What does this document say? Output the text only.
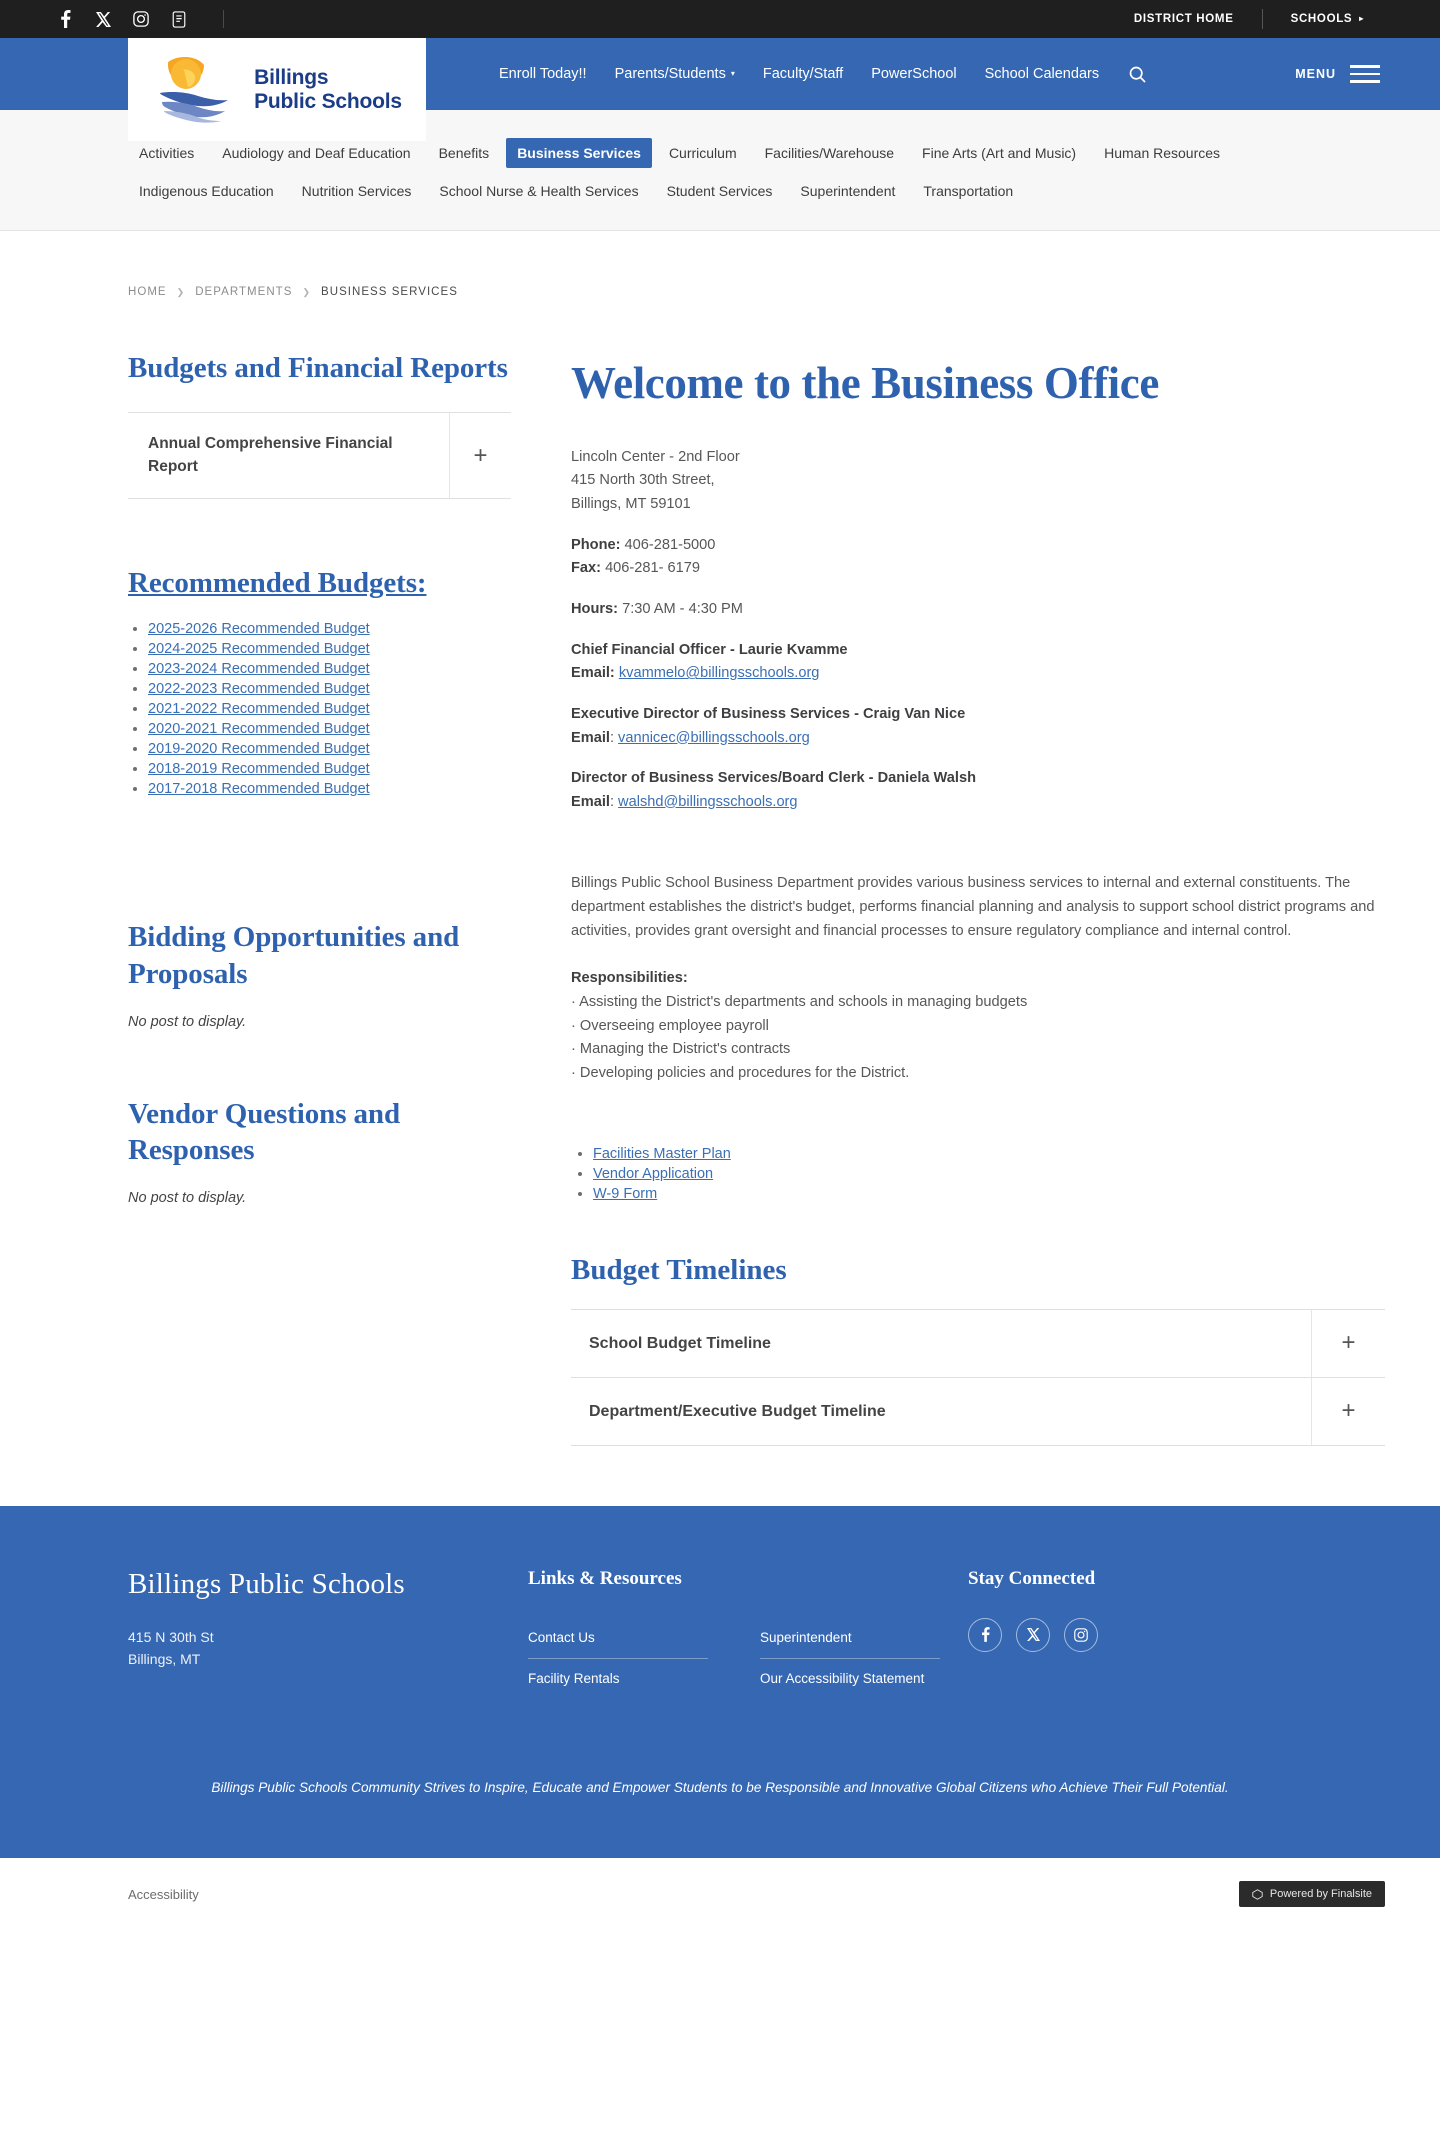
DISTRICT HOME	SCHOOLS ▸
Billings
Public Schools
Enroll Today!!	Parents/Students ▾	Faculty/Staff	PowerSchool	School Calendars	MENU
Activities	Audiology and Deaf Education	Benefits	Business Services	Curriculum	Facilities/Warehouse	Fine Arts (Art and Music)	Human Resources
Indigenous Education	Nutrition Services	School Nurse & Health Services	Student Services	Superintendent	Transportation
HOME ❯ DEPARTMENTS ❯ BUSINESS SERVICES
Budgets and Financial Reports
Annual Comprehensive Financial Report	+
Recommended Budgets:
• 2025-2026 Recommended Budget
• 2024-2025 Recommended Budget
• 2023-2024 Recommended Budget
• 2022-2023 Recommended Budget
• 2021-2022 Recommended Budget
• 2020-2021 Recommended Budget
• 2019-2020 Recommended Budget
• 2018-2019 Recommended Budget
• 2017-2018 Recommended Budget
Bidding Opportunities and Proposals

No post to display.

Vendor Questions and Responses

No post to display.

Welcome to the Business Office
Lincoln Center - 2nd Floor
415 North 30th Street,
Billings, MT 59101
Phone: 406-281-5000
Fax: 406-281- 6179
Hours: 7:30 AM - 4:30 PM
Chief Financial Officer - Laurie Kvamme
Email: kvammelo@billingsschools.org
Executive Director of Business Services - Craig Van Nice
Email: vannicec@billingsschools.org
Director of Business Services/Board Clerk - Daniela Walsh
Email: walshd@billingsschools.org

Billings Public School Business Department provides various business services to internal and external constituents. The department establishes the district's budget, performs financial planning and analysis to support school district programs and activities, provides grant oversight and financial processes to ensure regulatory compliance and internal control.

Responsibilities:
· Assisting the District's departments and schools in managing budgets
· Overseeing employee payroll
· Managing the District's contracts
· Developing policies and procedures for the District.
• Facilities Master Plan
• Vendor Application
• W-9 Form
Budget Timelines
School Budget Timeline	+
Department/Executive Budget Timeline	+
Billings Public Schools
415 N 30th St
Billings, MT
Links & Resources
Contact Us
Facility Rentals
Superintendent
Our Accessibility Statement
Stay Connected
Billings Public Schools Community Strives to Inspire, Educate and Empower Students to be Responsible and Innovative Global Citizens who Achieve Their Full Potential.
Accessibility	Powered by Finalsite
